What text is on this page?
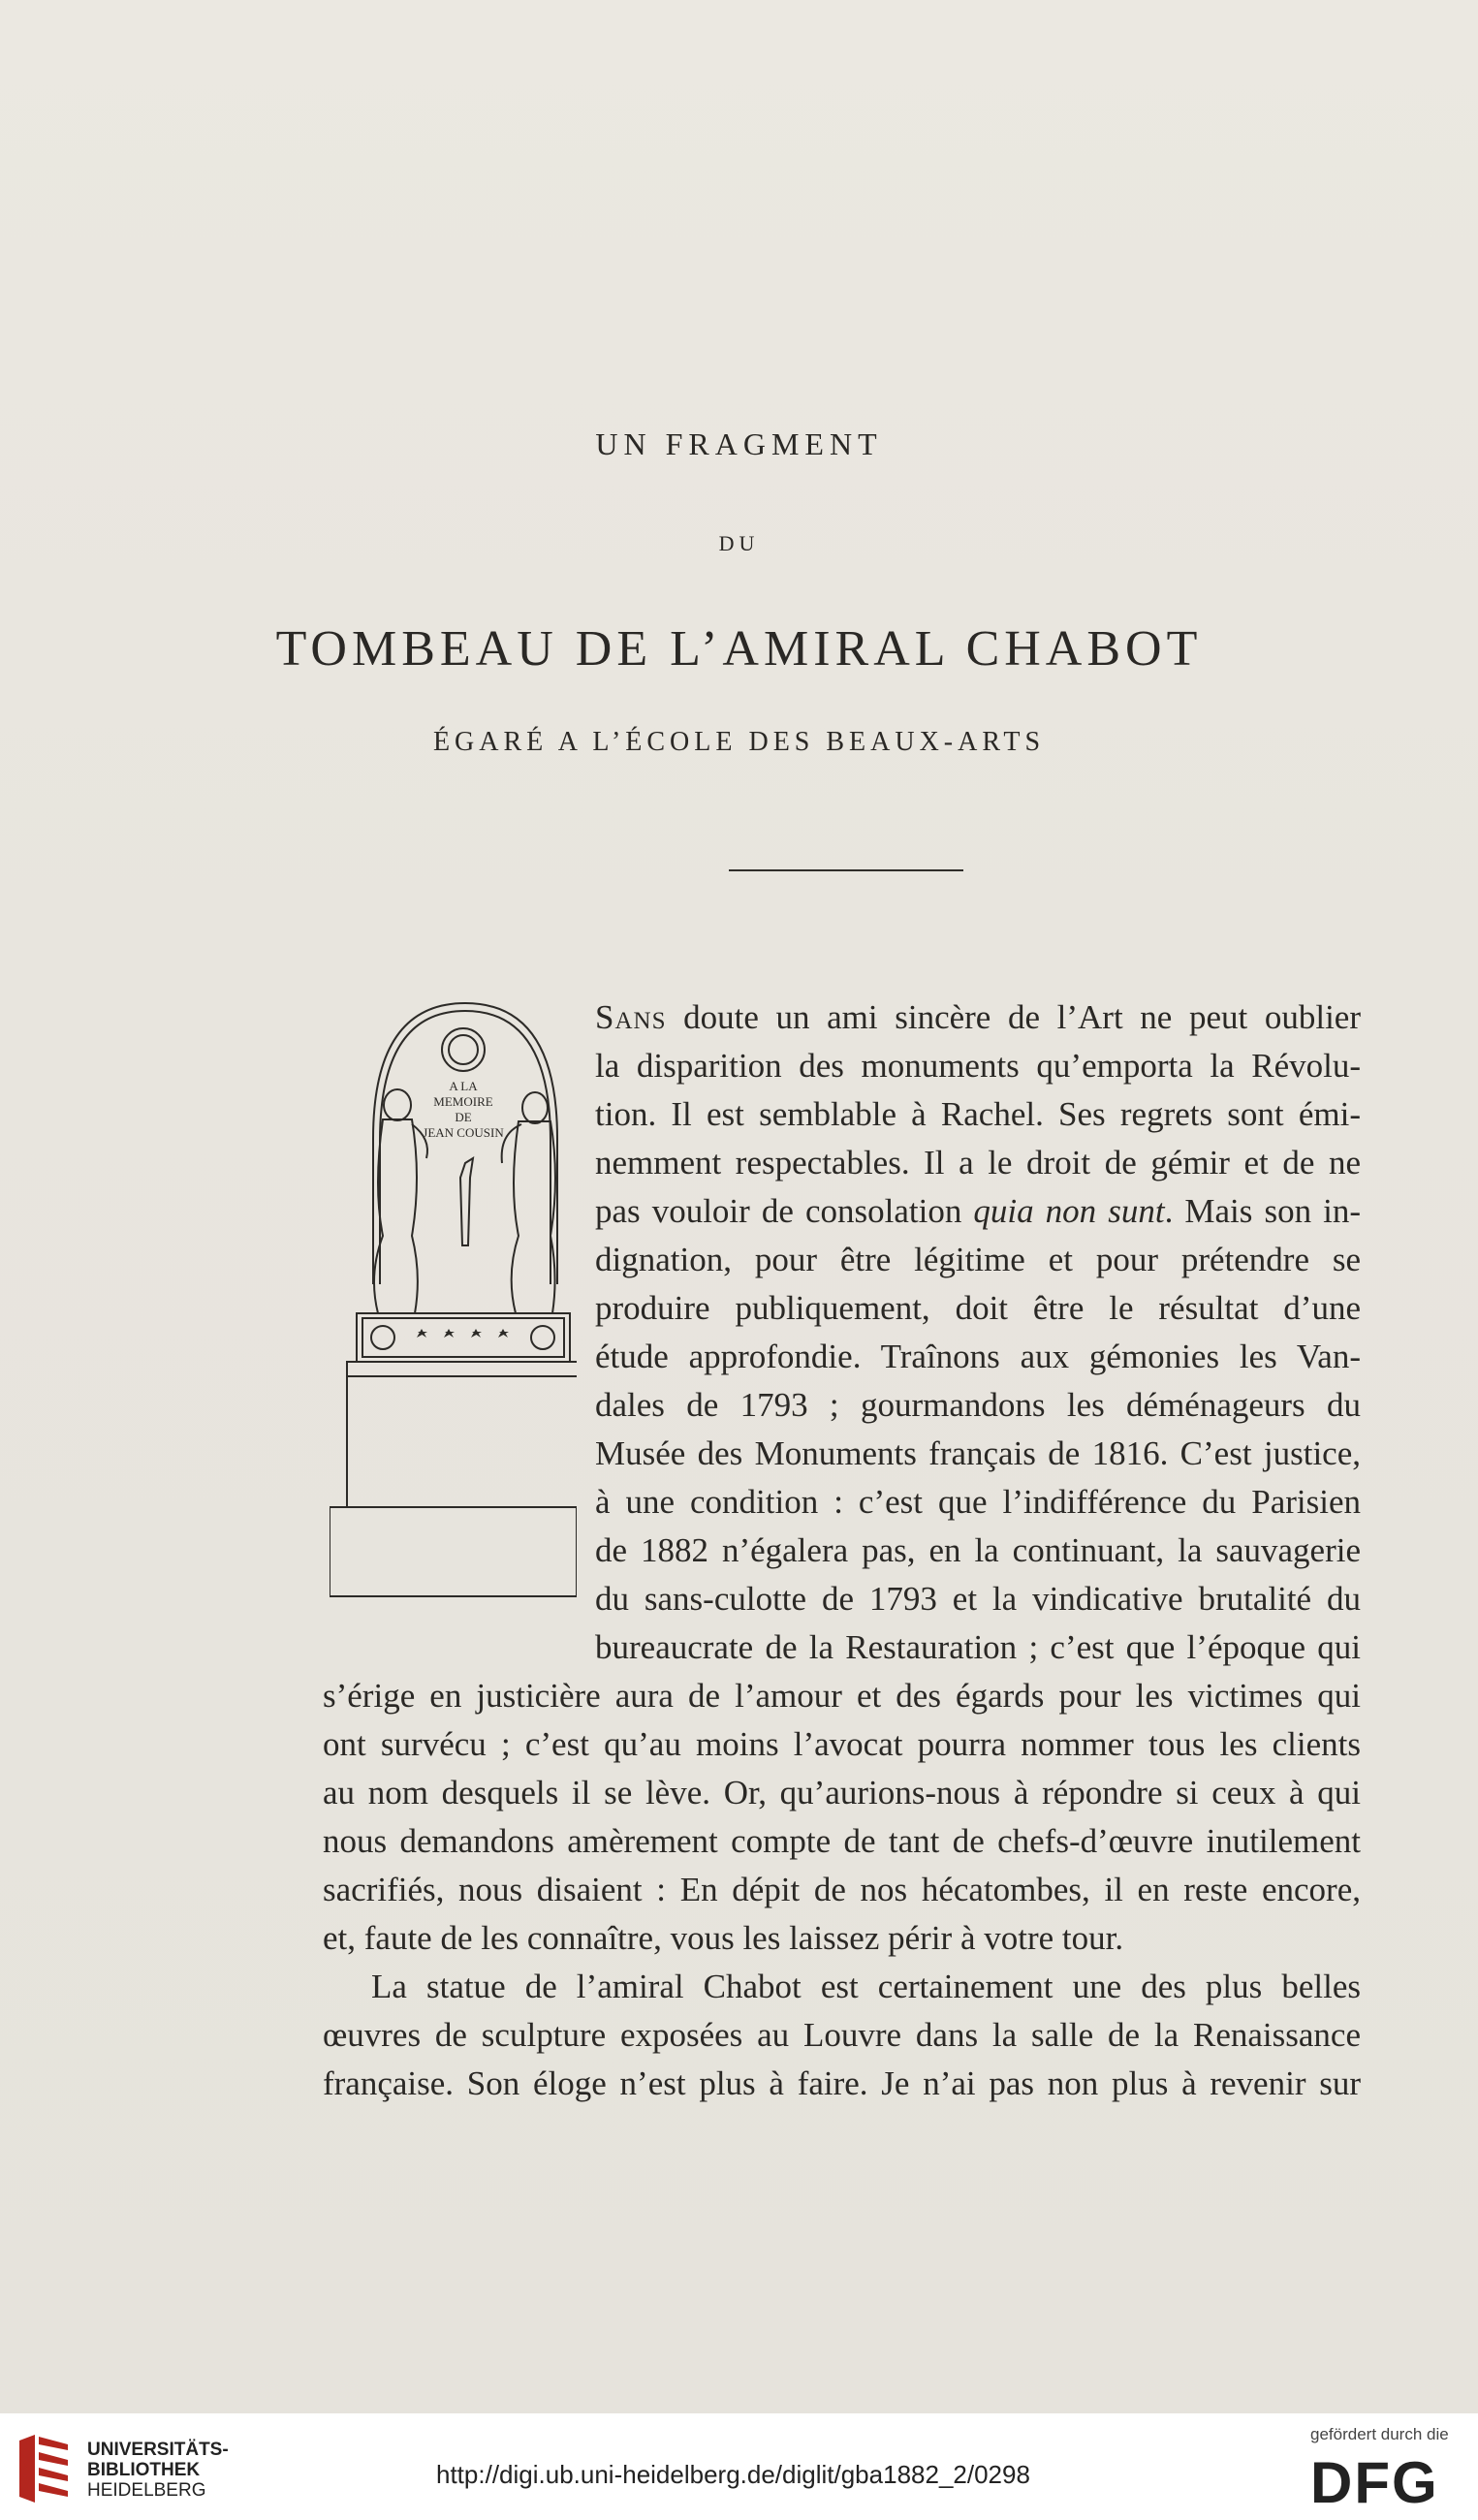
UN FRAGMENT
DU
TOMBEAU DE L’AMIRAL CHABOT
ÉGARÉ A L’ÉCOLE DES BEAUX-ARTS
A LA
MEMOIRE
DE
JEAN COUSIN
Sans doute un ami sincère de l’Art ne peut oublier
la disparition des monuments qu’emporta la Révolu-
tion. Il est semblable à Rachel. Ses regrets sont émi-
nemment respectables. Il a le droit de gémir et de ne
pas vouloir de consolation quia non sunt. Mais son in-
dignation, pour être légitime et pour prétendre se
produire publiquement, doit être le résultat d’une
étude approfondie. Traînons aux gémonies les Van-
dales de 1793 ; gourmandons les déménageurs du
Musée des Monuments français de 1816. C’est justice,
à une condition : c’est que l’indifférence du Parisien
de 1882 n’égalera pas, en la continuant, la sauvagerie
du sans-culotte de 1793 et la vindicative brutalité du
bureaucrate de la Restauration ; c’est que l’époque qui
s’érige en justicière aura de l’amour et des égards pour les victimes qui
ont survécu ; c’est qu’au moins l’avocat pourra nommer tous les clients
au nom desquels il se lève. Or, qu’aurions-nous à répondre si ceux à qui
nous demandons amèrement compte de tant de chefs-d’œuvre inutilement
sacrifiés, nous disaient : En dépit de nos hécatombes, il en reste encore,
et, faute de les connaître, vous les laissez périr à votre tour.
La statue de l’amiral Chabot est certainement une des plus belles
œuvres de sculpture exposées au Louvre dans la salle de la Renaissance
française. Son éloge n’est plus à faire. Je n’ai pas non plus à revenir sur
UNIVERSITÄTS-
BIBLIOTHEK
HEIDELBERG
http://digi.ub.uni-heidelberg.de/diglit/gba1882_2/0298
gefördert durch die
DFG
